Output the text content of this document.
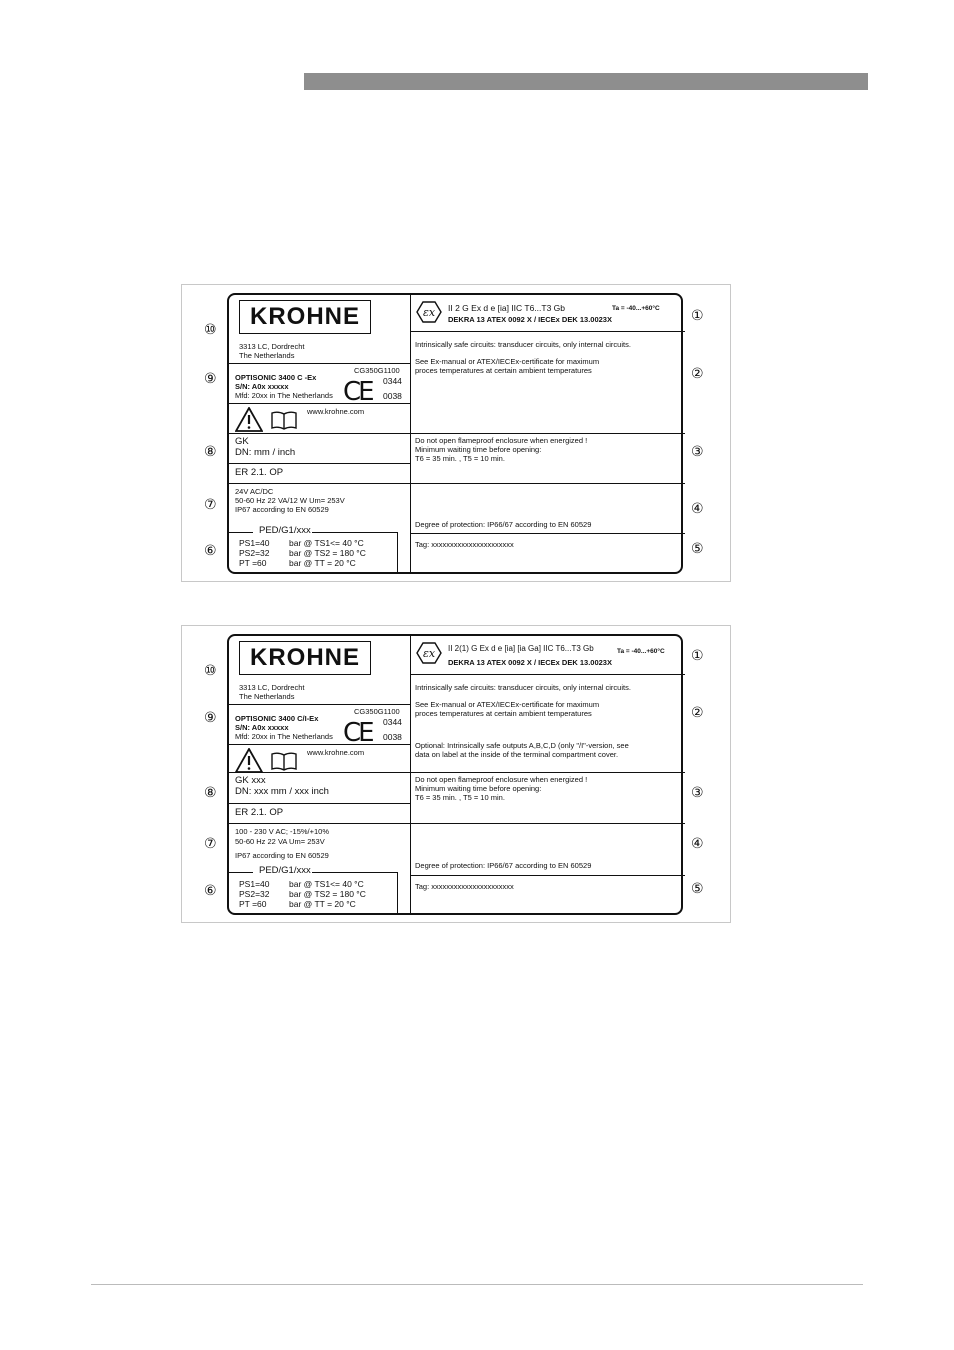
⑩
⑨
⑧
⑦
⑥
①
②
③
④
⑤
KROHNE
3313 LC, Dordrecht
The Netherlands
CG350G1100
OPTISONIC 3400 C -Ex
S/N: A0x xxxxx
Mfd: 20xx in The Netherlands CE 0344
0038
www.krohne.com
GK
DN: mm / inch
ER 2.1. OP
24V AC/DC
50-60 Hz 22 VA/12 W Um= 253V
IP67 according to EN 60529
PED/G1/xxx
PS1=40
PS2=32
PT =60
bar @ TS1<= 40 °C
bar @ TS2 = 180 °C
bar @ TT = 20 °C
εx II 2 G Ex d e [ia] IIC T6...T3 Gb	Ta = -40...+60°C
DEKRA 13 ATEX 0092 X / IECEx DEK 13.0023X
Intrinsically safe circuits: transducer circuits, only internal circuits.
See Ex-manual or ATEX/IECEx-certificate for maximum
proces temperatures at certain ambient temperatures
Do not open flameproof enclosure when energized !
Minimum waiting time before opening:
T6 = 35 min. , T5 = 10 min.
Degree of protection: IP66/67 according to EN 60529
Tag: xxxxxxxxxxxxxxxxxxxxxx
⑩
⑨
⑧
⑦
⑥
①
②
③
④
⑤
KROHNE
3313 LC, Dordrecht
The Netherlands
CG350G1100
OPTISONIC 3400 C/I-Ex
S/N: A0x xxxxx
Mfd: 20xx in The Netherlands CE 0344
0038
www.krohne.com
GK xxx
DN: xxx mm / xxx inch
ER 2.1. OP
100 - 230 V AC; -15%/+10%
50-60 Hz 22 VA Um= 253V
IP67 according to EN 60529
PED/G1/xxx
PS1=40
PS2=32
PT =60
bar @ TS1<= 40 °C
bar @ TS2 = 180 °C
bar @ TT = 20 °C
εx II 2(1) G Ex d e [ia] [ia Ga] IIC T6...T3 Gb	Ta = -40...+60°C
DEKRA 13 ATEX 0092 X / IECEx DEK 13.0023X
Intrinsically safe circuits: transducer circuits, only internal circuits.
See Ex-manual or ATEX/IECEx-certificate for maximum
proces temperatures at certain ambient temperatures
Optional: Intrinsically safe outputs A,B,C,D (only "/I"-version, see
data on label at the inside of the terminal compartment cover.
Do not open flameproof enclosure when energized !
Minimum waiting time before opening:
T6 = 35 min. , T5 = 10 min.
Degree of protection: IP66/67 according to EN 60529
Tag: xxxxxxxxxxxxxxxxxxxxxx
